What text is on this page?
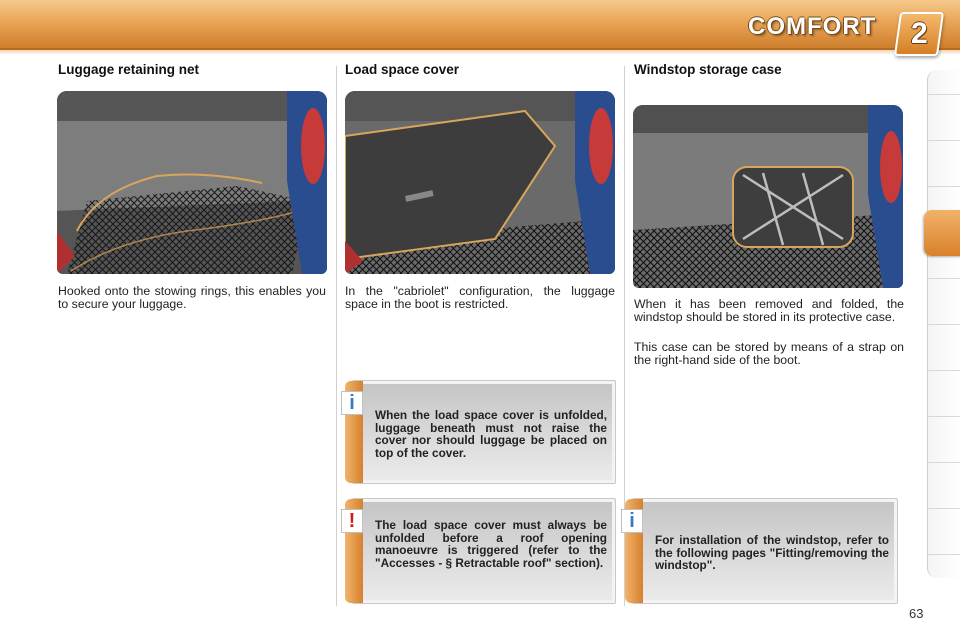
COMFORT 2
Luggage retaining net

Hooked onto the stowing rings, this enables you to secure your luggage.

Load space cover

In the "cabriolet" configuration, the luggage space in the boot is restricted.

Windstop storage case

When it has been removed and folded, the windstop should be stored in its protective case.

This case can be stored by means of a strap on the right-hand side of the boot.

i

When the load space cover is unfolded, luggage beneath must not raise the cover nor should luggage be placed on top of the cover.

!	The load space cover must always be unfolded before a roof opening manoeuvre is triggered (refer to the "Accesses - § Retractable roof" section).

i

For installation of the windstop, refer to the following pages "Fitting/removing the windstop".

63
